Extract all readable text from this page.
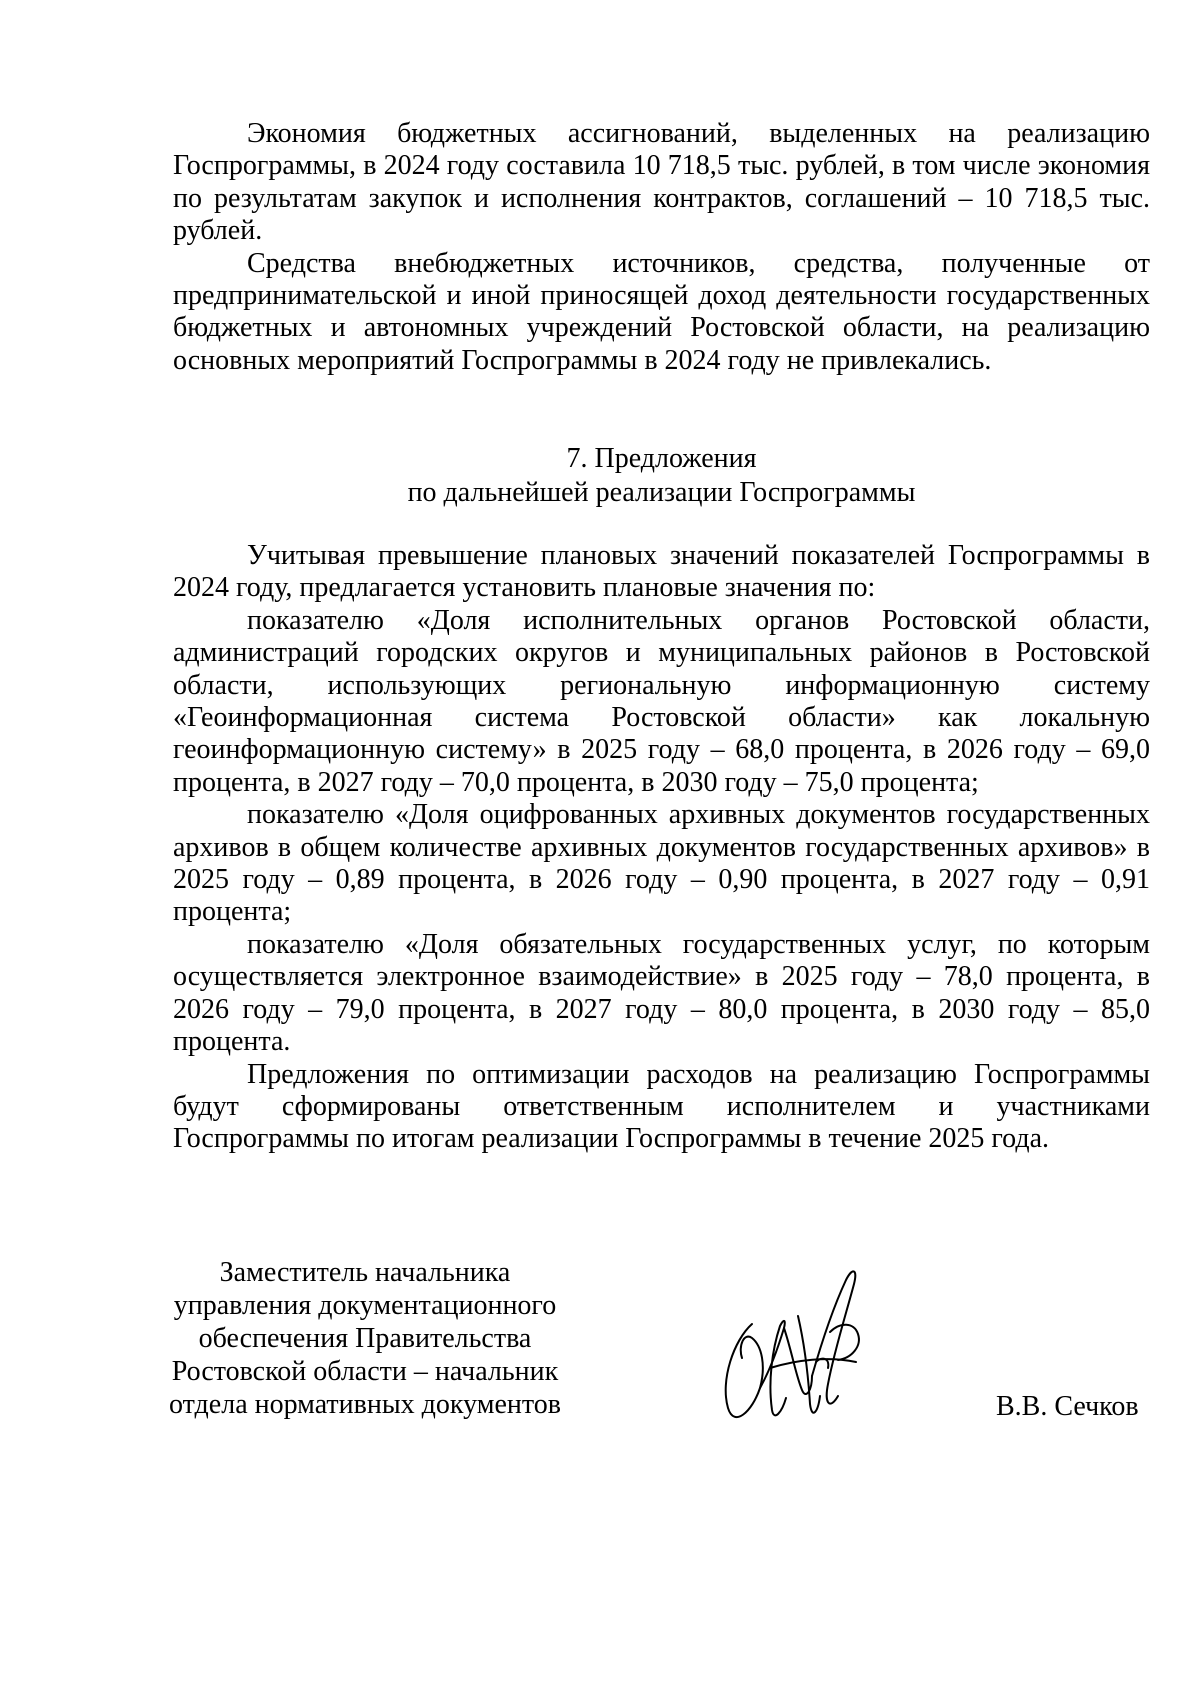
Экономия бюджетных ассигнований, выделенных на реализацию Госпрограммы, в 2024 году составила 10 718,5 тыс. рублей, в том числе экономия по результатам закупок и исполнения контрактов, соглашений – 10 718,5 тыс. рублей.

Средства внебюджетных источников, средства, полученные от предпринимательской и иной приносящей доход деятельности государственных бюджетных и автономных учреждений Ростовской области, на реализацию основных мероприятий Госпрограммы в 2024 году не привлекались.

7. Предложения
по дальнейшей реализации Госпрограммы

Учитывая превышение плановых значений показателей Госпрограммы в 2024 году, предлагается установить плановые значения по:

показателю «Доля исполнительных органов Ростовской области, администраций городских округов и муниципальных районов в Ростовской области, использующих региональную информационную систему «Геоинформационная система Ростовской области» как локальную геоинформационную систему» в 2025 году – 68,0 процента, в 2026 году – 69,0 процента, в 2027 году – 70,0 процента, в 2030 году – 75,0 процента;

показателю «Доля оцифрованных архивных документов государственных архивов в общем количестве архивных документов государственных архивов» в 2025 году – 0,89 процента, в 2026 году – 0,90 процента, в 2027 году – 0,91 процента;

показателю «Доля обязательных государственных услуг, по которым осуществляется электронное взаимодействие» в 2025 году – 78,0 процента, в 2026 году – 79,0 процента, в 2027 году – 80,0 процента, в 2030 году – 85,0 процента.

Предложения по оптимизации расходов на реализацию Госпрограммы будут сформированы ответственным исполнителем и участниками Госпрограммы по итогам реализации Госпрограммы в течение 2025 года.

Заместитель начальника
управления документационного
обеспечения Правительства
Ростовской области – начальник
отдела нормативных документов	В.В. Сечков
